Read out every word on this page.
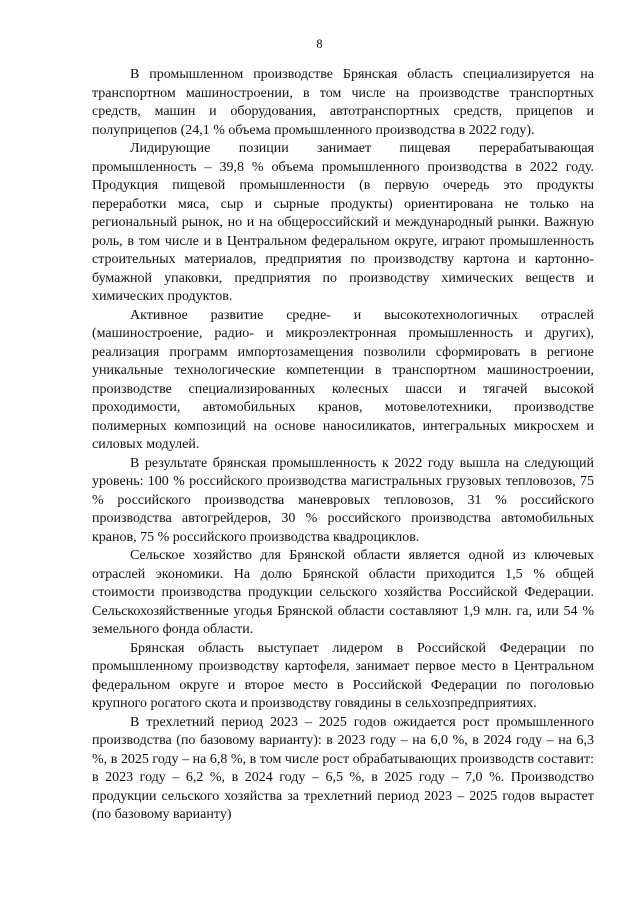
8

В промышленном производстве Брянская область специализируется на транспортном машиностроении, в том числе на производстве транспортных средств, машин и оборудования, автотранспортных средств, прицепов и полуприцепов (24,1 % объема промышленного производства в 2022 году).

Лидирующие позиции занимает пищевая перерабатывающая промышленность – 39,8 % объема промышленного производства в 2022 году. Продукция пищевой промышленности (в первую очередь это продукты переработки мяса, сыр и сырные продукты) ориентирована не только на региональный рынок, но и на общероссийский и международный рынки. Важную роль, в том числе и в Центральном федеральном округе, играют промышленность строительных материалов, предприятия по производству картона и картонно-бумажной упаковки, предприятия по производству химических веществ и химических продуктов.

Активное развитие средне- и высокотехнологичных отраслей (машиностроение, радио- и микроэлектронная промышленность и других), реализация программ импортозамещения позволили сформировать в регионе уникальные технологические компетенции в транспортном машиностроении, производстве специализированных колесных шасси и тягачей высокой проходимости, автомобильных кранов, мотовелотехники, производстве полимерных композиций на основе наносиликатов, интегральных микросхем и силовых модулей.

В результате брянская промышленность к 2022 году вышла на следующий уровень: 100 % российского производства магистральных грузовых тепловозов, 75 % российского производства маневровых тепловозов, 31 % российского производства автогрейдеров, 30 % российского производства автомобильных кранов, 75 % российского производства квадроциклов.

Сельское хозяйство для Брянской области является одной из ключевых отраслей экономики. На долю Брянской области приходится 1,5 % общей стоимости производства продукции сельского хозяйства Российской Федерации. Сельскохозяйственные угодья Брянской области составляют 1,9 млн. га, или 54 % земельного фонда области.

Брянская область выступает лидером в Российской Федерации по промышленному производству картофеля, занимает первое место в Центральном федеральном округе и второе место в Российской Федерации по поголовью крупного рогатого скота и производству говядины в сельхозпредприятиях.

В трехлетний период 2023 – 2025 годов ожидается рост промышленного производства (по базовому варианту): в 2023 году – на 6,0 %, в 2024 году – на 6,3 %, в 2025 году – на 6,8 %, в том числе рост обрабатывающих производств составит: в 2023 году – 6,2 %, в 2024 году – 6,5 %, в 2025 году – 7,0 %. Производство продукции сельского хозяйства за трехлетний период 2023 – 2025 годов вырастет (по базовому варианту)
